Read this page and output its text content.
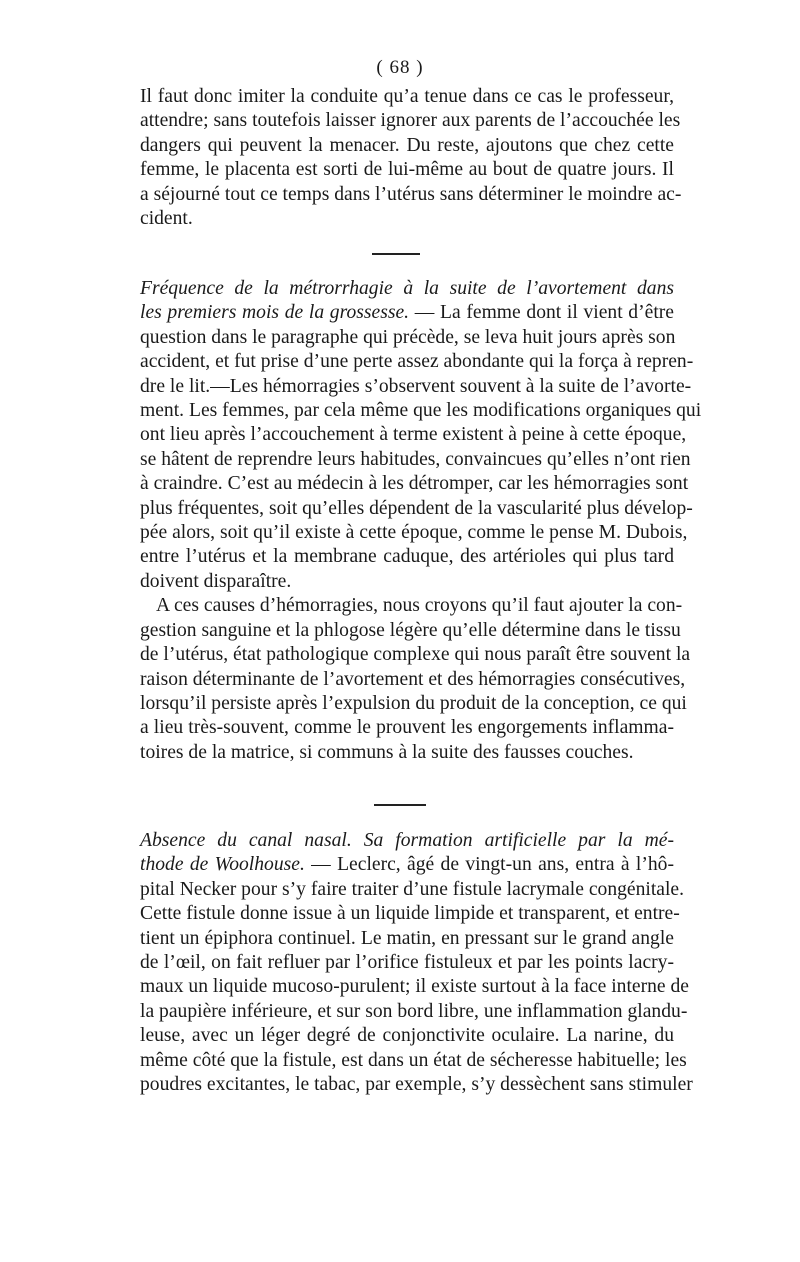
( 68 )
Il faut donc imiter la conduite qu’a tenue dans ce cas le professeur,
attendre; sans toutefois laisser ignorer aux parents de l’accouchée les
dangers qui peuvent la menacer. Du reste, ajoutons que chez cette
femme, le placenta est sorti de lui-même au bout de quatre jours. Il
a séjourné tout ce temps dans l’utérus sans déterminer le moindre ac-
cident.
Fréquence de la métrorrhagie à la suite de l’avortement dans
les premiers mois de la grossesse. — La femme dont il vient d’être
question dans le paragraphe qui précède, se leva huit jours après son
accident, et fut prise d’une perte assez abondante qui la força à repren-
dre le lit.—Les hémorragies s’observent souvent à la suite de l’avorte-
ment. Les femmes, par cela même que les modifications organiques qui
ont lieu après l’accouchement à terme existent à peine à cette époque,
se hâtent de reprendre leurs habitudes, convaincues qu’elles n’ont rien
à craindre. C’est au médecin à les détromper, car les hémorragies sont
plus fréquentes, soit qu’elles dépendent de la vascularité plus dévelop-
pée alors, soit qu’il existe à cette époque, comme le pense M. Dubois,
entre l’utérus et la membrane caduque, des artérioles qui plus tard
doivent disparaître.
A ces causes d’hémorragies, nous croyons qu’il faut ajouter la con-
gestion sanguine et la phlogose légère qu’elle détermine dans le tissu
de l’utérus, état pathologique complexe qui nous paraît être souvent la
raison déterminante de l’avortement et des hémorragies consécutives,
lorsqu’il persiste après l’expulsion du produit de la conception, ce qui
a lieu très-souvent, comme le prouvent les engorgements inflamma-
toires de la matrice, si communs à la suite des fausses couches.
Absence du canal nasal. Sa formation artificielle par la mé-
thode de Woolhouse. — Leclerc, âgé de vingt-un ans, entra à l’hô-
pital Necker pour s’y faire traiter d’une fistule lacrymale congénitale.
Cette fistule donne issue à un liquide limpide et transparent, et entre-
tient un épiphora continuel. Le matin, en pressant sur le grand angle
de l’œil, on fait refluer par l’orifice fistuleux et par les points lacry-
maux un liquide mucoso-purulent; il existe surtout à la face interne de
la paupière inférieure, et sur son bord libre, une inflammation glandu-
leuse, avec un léger degré de conjonctivite oculaire. La narine, du
même côté que la fistule, est dans un état de sécheresse habituelle; les
poudres excitantes, le tabac, par exemple, s’y dessèchent sans stimuler
